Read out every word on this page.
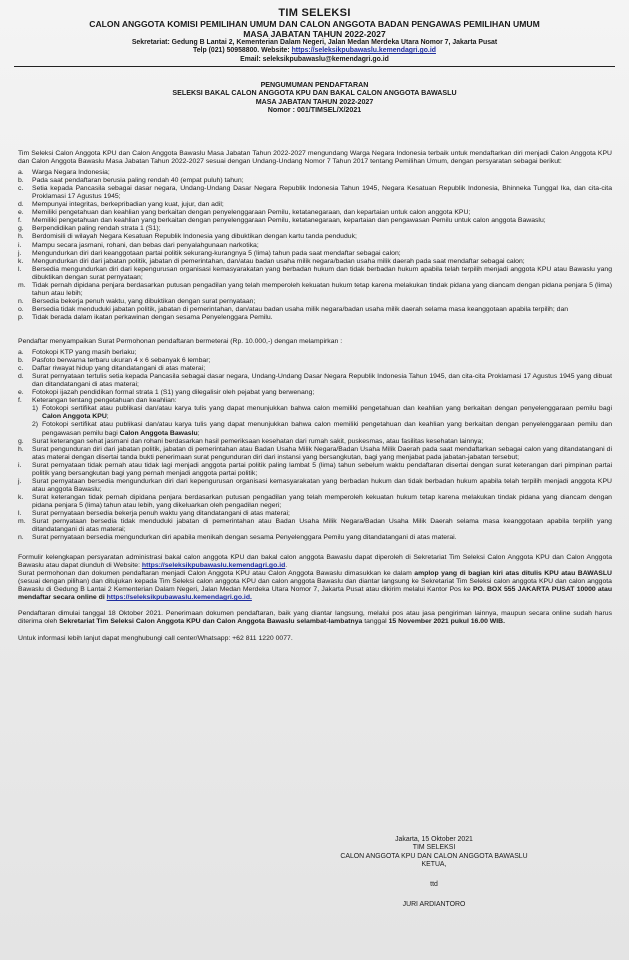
TIM SELEKSI
CALON ANGGOTA KOMISI PEMILIHAN UMUM DAN CALON ANGGOTA BADAN PENGAWAS PEMILIHAN UMUM
MASA JABATAN TAHUN 2022-2027
Sekretariat: Gedung B Lantai 2, Kementerian Dalam Negeri, Jalan Medan Merdeka Utara Nomor 7, Jakarta Pusat
Telp (021) 50958800. Website: https://seleksikpubawaslu.kemendagri.go.id
Email: seleksikpubawaslu@kemendagri.go.id
PENGUMUMAN PENDAFTARAN
SELEKSI BAKAL CALON ANGGOTA KPU DAN BAKAL CALON ANGGOTA BAWASLU
MASA JABATAN TAHUN 2022-2027
Nomor : 001/TIMSEL/X/2021

Tim Seleksi Calon Anggota KPU dan Calon Anggota Bawaslu Masa Jabatan Tahun 2022-2027 mengundang Warga Negara Indonesia terbaik untuk mendaftarkan diri menjadi Calon Anggota KPU dan Calon Anggota Bawaslu Masa Jabatan Tahun 2022-2027 sesuai dengan Undang-Undang Nomor 7 Tahun 2017 tentang Pemilihan Umum, dengan persyaratan sebagai berikut:

a.	Warga Negara Indonesia;
b.	Pada saat pendaftaran berusia paling rendah 40 (empat puluh) tahun;
c.	Setia kepada Pancasila sebagai dasar negara, Undang-Undang Dasar Negara Republik Indonesia Tahun 1945, Negara Kesatuan Republik Indonesia, Bhinneka Tunggal Ika, dan cita-cita Proklamasi 17 Agustus 1945;
d.	Mempunyai integritas, berkepribadian yang kuat, jujur, dan adil;
e.	Memiliki pengetahuan dan keahlian yang berkaitan dengan penyelenggaraan Pemilu, ketatanegaraan, dan kepartaian untuk calon anggota KPU;
f.	Memiliki pengetahuan dan keahlian yang berkaitan dengan penyelenggaraan Pemilu, ketatanegaraan, kepartaian dan pengawasan Pemilu untuk calon anggota Bawaslu;
g.	Berpendidikan paling rendah strata 1 (S1);
h.	Berdomisili di wilayah Negara Kesatuan Republik Indonesia yang dibuktikan dengan kartu tanda penduduk;
i.	Mampu secara jasmani, rohani, dan bebas dari penyalahgunaan narkotika;
j.	Mengundurkan diri dari keanggotaan partai politik sekurang-kurangnya 5 (lima) tahun pada saat mendaftar sebagai calon;
k.	Mengundurkan diri dari jabatan politik, jabatan di pemerintahan, dan/atau badan usaha milik negara/badan usaha milik daerah pada saat mendaftar sebagai calon;
l.	Bersedia mengundurkan diri dari kepengurusan organisasi kemasyarakatan yang berbadan hukum dan tidak berbadan hukum apabila telah terpilih menjadi anggota KPU atau Bawaslu yang dibuktikan dengan surat pernyataan;
m. Tidak pernah dipidana penjara berdasarkan putusan pengadilan yang telah memperoleh kekuatan hukum tetap karena melakukan tindak pidana yang diancam dengan pidana penjara 5 (lima) tahun atau lebih;
n.	Bersedia bekerja penuh waktu, yang dibuktikan dengan surat pernyataan;
o.	Bersedia tidak menduduki jabatan politik, jabatan di pemerintahan, dan/atau badan usaha milik negara/badan usaha milik daerah selama masa keanggotaan apabila terpilih; dan
p.	Tidak berada dalam ikatan perkawinan dengan sesama Penyelenggara Pemilu.

Pendaftar menyampaikan Surat Permohonan pendaftaran bermeterai (Rp. 10.000,-) dengan melampirkan :

a.	Fotokopi KTP yang masih berlaku;
b.	Pasfoto berwarna terbaru ukuran 4 x 6 sebanyak 6 lembar;
c.	Daftar riwayat hidup yang ditandatangani di atas materai;
d.	Surat pernyataan tertulis setia kepada Pancasila sebagai dasar negara, Undang-Undang Dasar Negara Republik Indonesia Tahun 1945, dan cita-cita Proklamasi 17 Agustus 1945 yang dibuat dan ditandatangani di atas materai;
e.	Fotokopi ijazah pendidikan formal strata 1 (S1) yang dilegalisir oleh pejabat yang berwenang;
f.	Keterangan tentang pengetahuan dan keahlian:
1) Fotokopi sertifikat atau publikasi dan/atau karya tulis yang dapat menunjukkan bahwa calon memiliki pengetahuan dan keahlian yang berkaitan dengan penyelenggaraan pemilu bagi Calon Anggota KPU;
2) Fotokopi sertifikat atau publikasi dan/atau karya tulis yang dapat menunjukkan bahwa calon memiliki pengetahuan dan keahlian yang berkaitan dengan penyelenggaraan pemilu dan pengawasan pemilu bagi Calon Anggota Bawaslu;
g.	Surat keterangan sehat jasmani dan rohani berdasarkan hasil pemeriksaan kesehatan dari rumah sakit, puskesmas, atau fasilitas kesehatan lainnya;
h.	Surat pengunduran diri dari jabatan politik, jabatan di pemerintahan atau Badan Usaha Milik Negara/Badan Usaha Milik Daerah pada saat mendaftarkan sebagai calon yang ditandatangani di atas materai dengan disertai tanda bukti penerimaan surat pengunduran diri dari instansi yang bersangkutan, bagi yang menjabat pada jabatan-jabatan tersebut;
i.	Surat pernyataan tidak pernah atau tidak lagi menjadi anggota partai politik paling lambat 5 (lima) tahun sebelum waktu pendaftaran disertai dengan surat keterangan dari pimpinan partai politik yang bersangkutan bagi yang pernah menjadi anggota partai politik;
j.	Surat pernyataan bersedia mengundurkan diri dari kepengurusan organisasi kemasyarakatan yang berbadan hukum dan tidak berbadan hukum apabila telah terpilih menjadi anggota KPU atau anggota Bawaslu;
k.	Surat keterangan tidak pernah dipidana penjara berdasarkan putusan pengadilan yang telah memperoleh kekuatan hukum tetap karena melakukan tindak pidana yang diancam dengan pidana penjara 5 (lima) tahun atau lebih, yang dikeluarkan oleh pengadilan negeri;
l.	Surat pernyataan bersedia bekerja penuh waktu yang ditandatangani di atas materai;
m. Surat pernyataan bersedia tidak menduduki jabatan di pemerintahan atau Badan Usaha Milik Negara/Badan Usaha Milik Daerah selama masa keanggotaan apabila terpilih yang ditandatangani di atas materai;
n.	Surat pernyataan bersedia mengundurkan diri apabila menikah dengan sesama Penyelenggara Pemilu yang ditandatangani di atas materai.

Formulir kelengkapan persyaratan administrasi bakal calon anggota KPU dan bakal calon anggota Bawaslu dapat diperoleh di Sekretariat Tim Seleksi Calon Anggota KPU dan Calon Anggota Bawaslu atau dapat diunduh di Website: https://seleksikpubawaslu.kemendagri.go.id.

Surat permohonan dan dokumen pendaftaran menjadi Calon Anggota KPU atau Calon Anggota Bawaslu dimasukkan ke dalam amplop yang di bagian kiri atas ditulis KPU atau BAWASLU (sesuai dengan pilihan) dan ditujukan kepada Tim Seleksi calon anggota KPU dan calon anggota Bawaslu dan diantar langsung ke Sekretariat Tim Seleksi calon anggota KPU dan calon anggota Bawaslu di Gedung B Lantai 2 Kementerian Dalam Negeri, Jalan Medan Merdeka Utara Nomor 7, Jakarta Pusat atau dikirim melalui Kantor Pos ke PO. BOX 555 JAKARTA PUSAT 10000 atau mendaftar secara online di https://seleksikpubawaslu.kemendagri.go.id.

Pendaftaran dimulai tanggal 18 Oktober 2021. Penerimaan dokumen pendaftaran, baik yang diantar langsung, melalui pos atau jasa pengiriman lainnya, maupun secara online sudah harus diterima oleh Sekretariat Tim Seleksi Calon Anggota KPU dan Calon Anggota Bawaslu selambat-lambatnya tanggal 15 November 2021 pukul 16.00 WIB.

Untuk informasi lebih lanjut dapat menghubungi call center/Whatsapp: +62 811 1220 0077.

Jakarta, 15 Oktober 2021
TIM SELEKSI
CALON ANGGOTA KPU DAN CALON ANGGOTA BAWASLU
KETUA,
ttd
JURI ARDIANTORO
